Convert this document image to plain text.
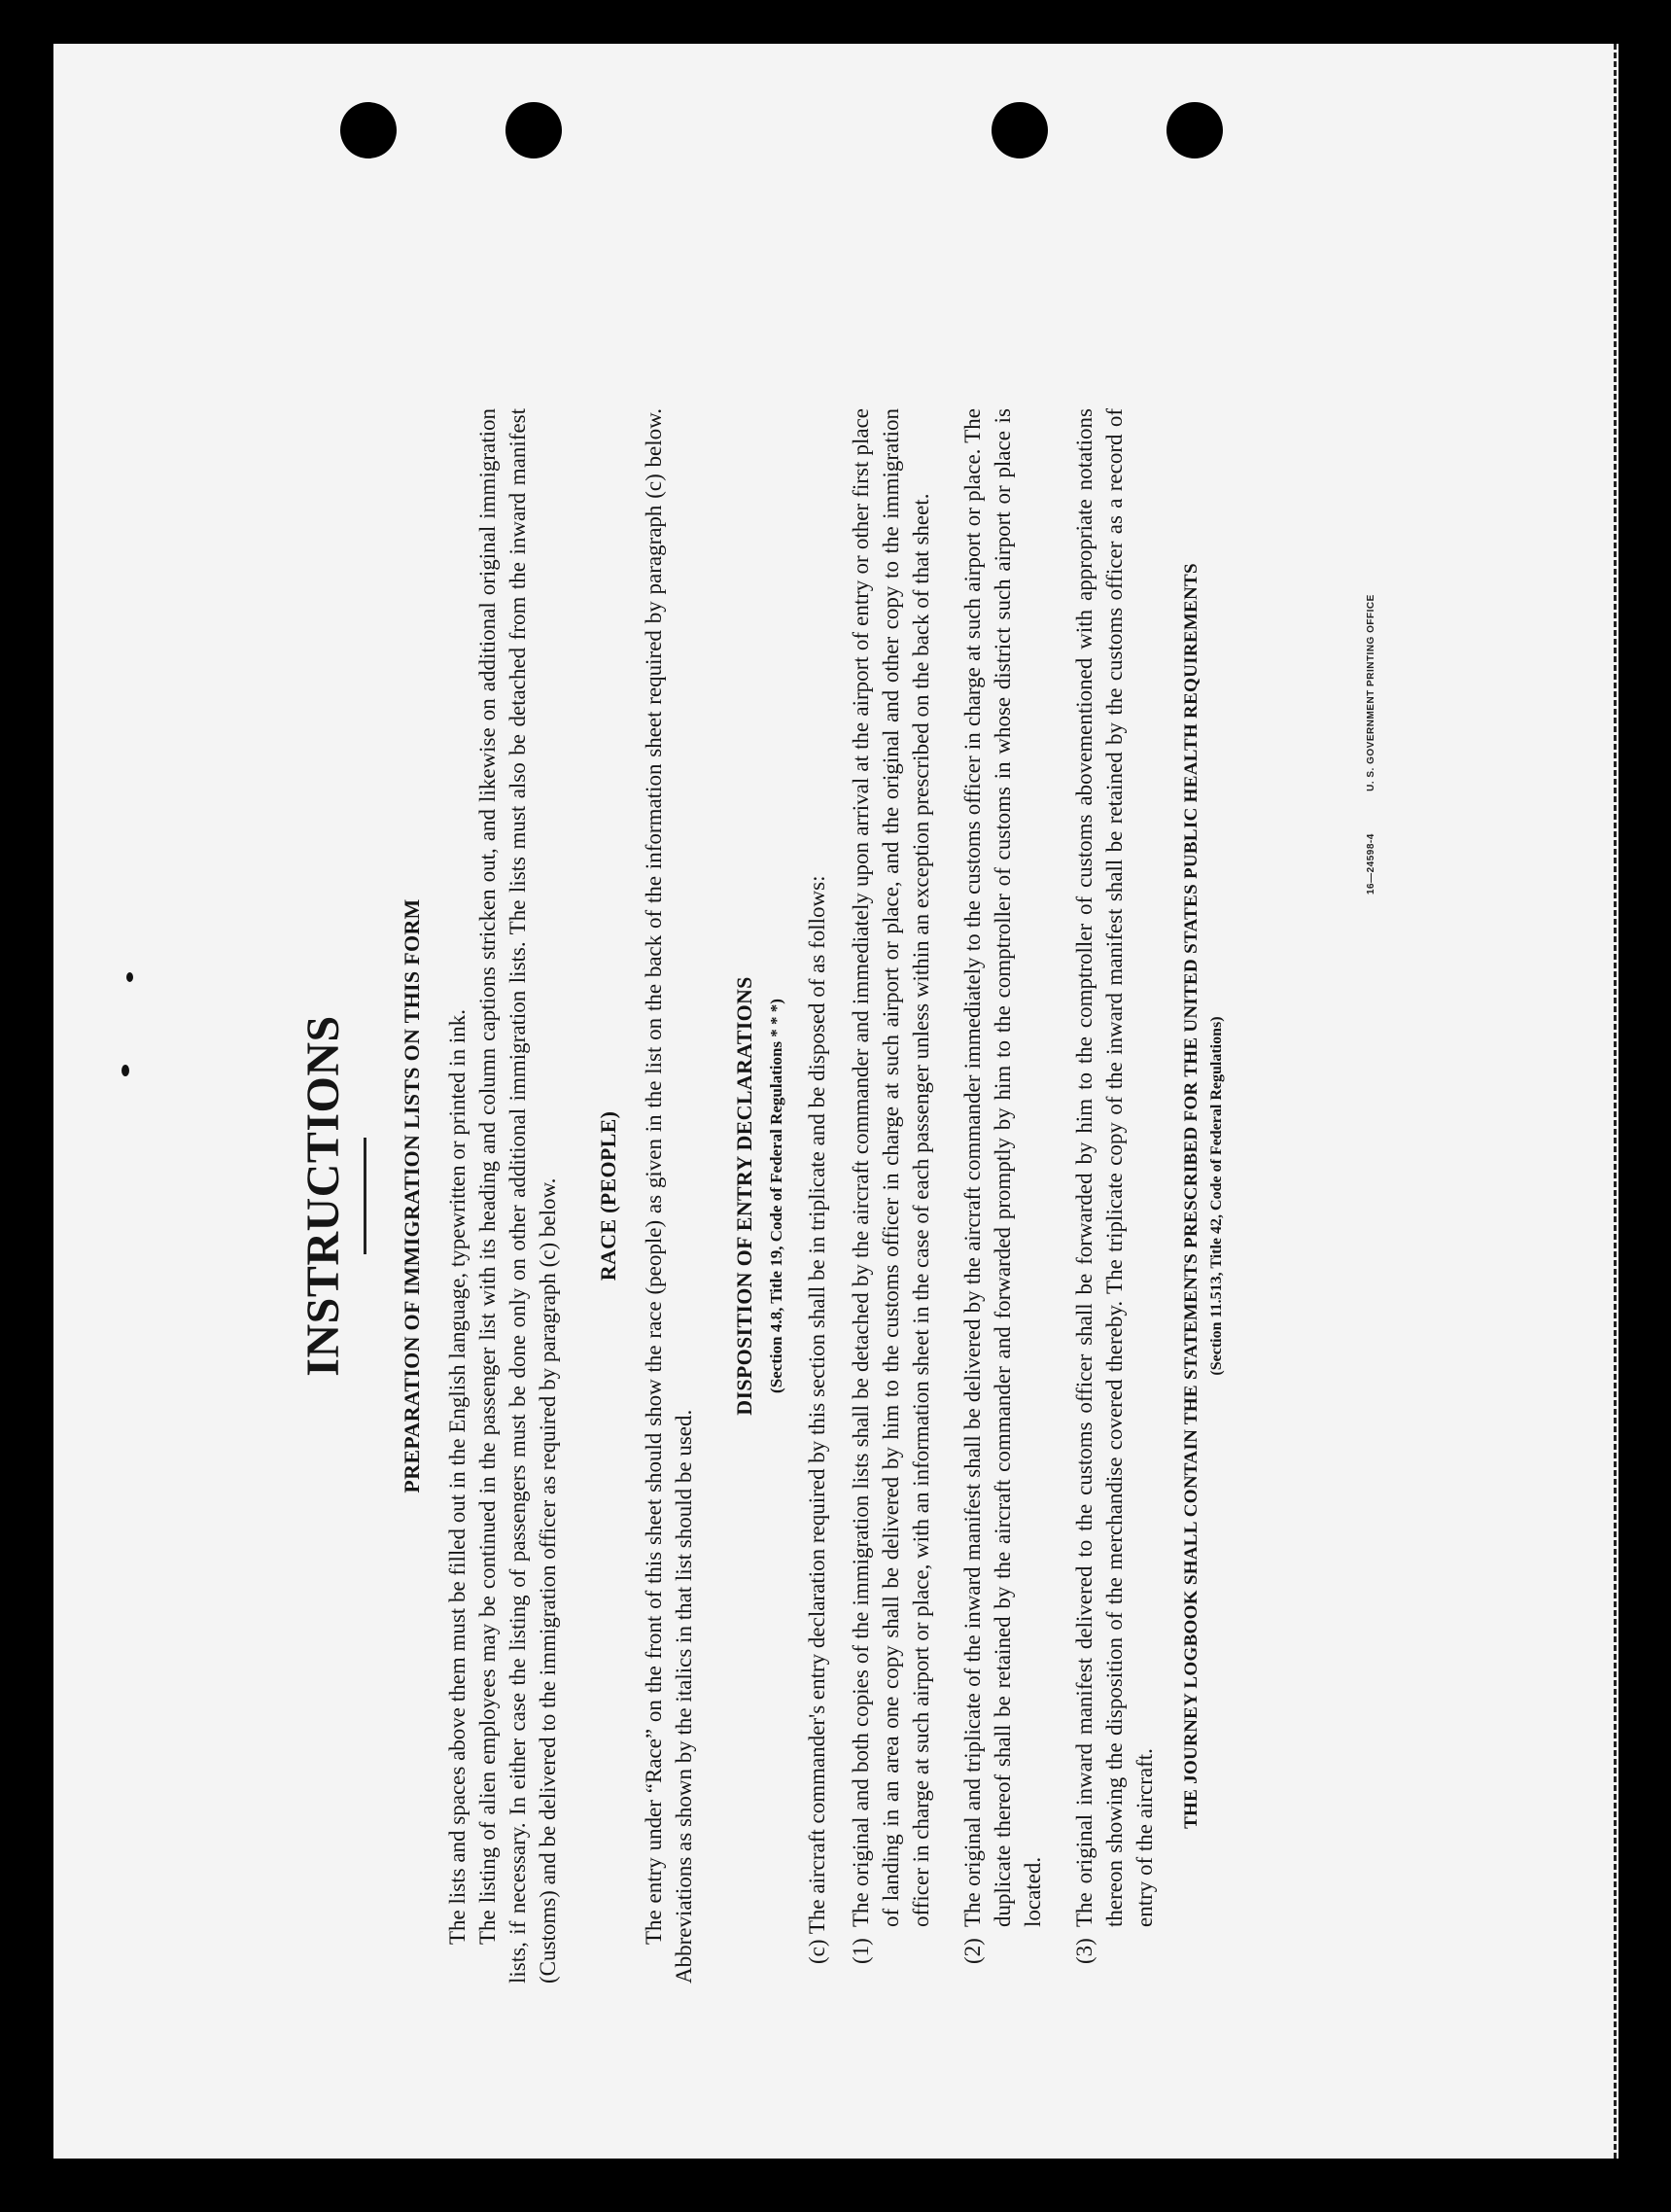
INSTRUCTIONS PREPARATION OF IMMIGRATION LISTS ON THIS FORM The lists and spaces above them must be filled out in the English language, typewritten or printed in ink. The listing of alien employees may be continued in the passenger list with its heading and column captions stricken out, and likewise on additional original immigration lists, if necessary. In either case the listing of passengers must be done only on other additional immigration lists. The lists must also be detached from the inward manifest (Customs) and be delivered to the immigration officer as required by paragraph (c) below. RACE (PEOPLE) The entry under “Race” on the front of this sheet should show the race (people) as given in the list on the back of the information sheet required by paragraph (c) below. Abbreviations as shown by the italics in that list should be used.

DISPOSITION OF ENTRY DECLARATIONS (Section 4.8, Title 19, Code of Federal Regulations * * *) (c) The aircraft commander's entry declaration required by this section shall be in triplicate and be disposed of as follows: (1)
The original and both copies of the immigration lists shall be detached by the aircraft commander and immediately upon arrival at the airport of entry or other first place of landing in an area one copy shall be delivered by him to the customs officer in charge at such airport or place, and the original and other copy to the immigration officer in charge at such airport or place, with an information sheet in the case of each passenger unless within an exception prescribed on the back of that sheet.
(2)
The original and triplicate of the inward manifest shall be delivered by the aircraft commander immediately to the customs officer in charge at such airport or place. The duplicate thereof shall be retained by the aircraft commander and forwarded promptly by him to the comptroller of customs in whose district such airport or place is located.
(3)
The original inward manifest delivered to the customs officer shall be forwarded by him to the comptroller of customs abovementioned with appropriate notations thereon showing the disposition of the merchandise covered thereby. The triplicate copy of the inward manifest shall be retained by the customs officer as a record of entry of the aircraft.
THE JOURNEY LOGBOOK SHALL CONTAIN THE STATEMENTS PRESCRIBED FOR THE UNITED STATES PUBLIC HEALTH REQUIREMENTS (Section 11.513, Title 42, Code of Federal Regulations)
16—24598-4 U. S. GOVERNMENT PRINTING OFFICE
